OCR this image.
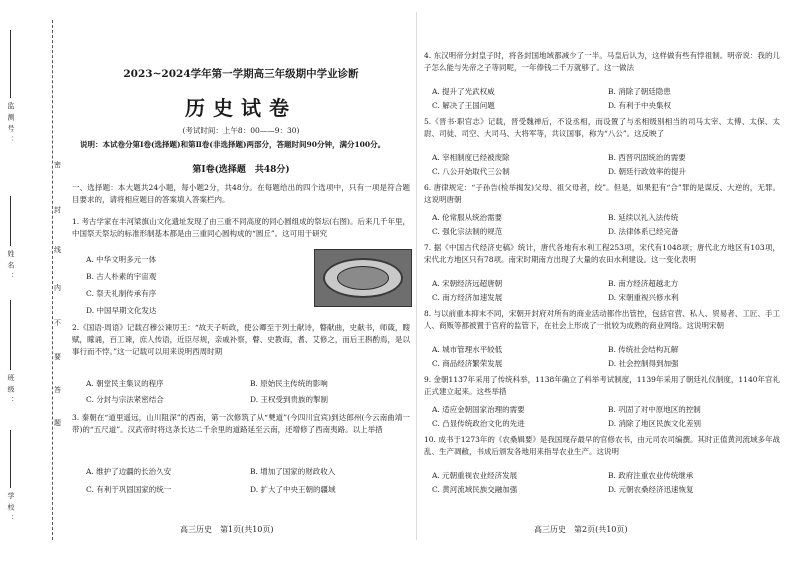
监 测 号 ：
姓 名 ：
班 级 ：
学 校 ：
密
封
线
内
不
要
答
题
2023~2024学年第一学期高三年级期中学业诊断
历史试卷
(考试时间：上午8：00——9：30)
说明：本试卷分第Ⅰ卷(选择题)和第Ⅱ卷(非选择题)两部分，答题时间90分钟，满分100分。
第Ⅰ卷(选择题　共48分)
一、选择题：本大题共24小题，每小题2分，共48分。在每题给出的四个选项中，只有一项是符合题目要求的，请将相应题目的答案填入答案栏内。
1. 考古学家在丰河梁旗山文化遗址发现了由三重不同高度的同心圆组成的祭坛(右图)。后来几千年里，中国祭天祭坛的标准形制基本都是由三重同心圆构成的“圆丘”。这可用于研究
A. 中华文明多元一体
B. 古人朴素的宇宙观
C. 祭天礼制传承有序
D. 中国早期文化发达
2.《国语·周语》记载召穆公谏厉王：“故天子听政，使公卿至于列士献诗，瞽献曲，史献书，师箴，瞍赋，矇诵，百工谏，庶人传语，近臣尽规，亲戚补察，瞽、史教诲，耆、艾修之，而后王斟酌焉，是以事行而不悖。”这一记载可以用来说明西周时期
A. 朝堂民主集议的程序	B. 原始民主传统的影响
C. 分封与宗法紧密结合	D. 王权受到贵族的掣制
3. 秦朝在“道里遥远，山川阻深”的西南，第一次修筑了从“僰道”(今四川宜宾)到达郎州(今云南曲靖一带)的“五尺道”。汉武帝时将这条长达二千余里的道路延至云南，还增修了西南夷路。以上举措
A. 维护了边疆的长治久安	B. 增加了国家的财政收入
C. 有利于巩固国家的统一	D. 扩大了中央王朝的疆域
高三历史　第1页(共10页)
4. 东汉明帝分封皇子时，将各封国地域都减少了一半。马皇后认为，这样做有些有悖祖制。明帝说：我的儿子怎么能与先帝之子等同呢，一年俸钱二千万就够了。这一做法
A. 提升了光武权威	B. 消除了朝廷隐患
C. 解决了王国问题	D. 有利于中央集权
5.《晋书·职官志》记载，晋受魏禅后，不设丞相，而设置了与丞相级别相当的司马太宰、太傅、太保、太尉、司徒、司空、大司马、大将军等，共议国事，称为“八公”。这反映了
A. 宰相制度已经被废除	B. 西晋巩固统治的需要
C. 八公开始取代三公制	D. 朝廷行政效率的提升
6. 唐律规定：“子孙告(检举揭发)父母、祖父母者，绞”。但是，如果犯有“合”罪的是谋反、大逆的，无罪。这说明唐朝
A. 伦常服从统治需要	B. 延续以礼入法传统
C. 强化宗法制的规范	D. 法律体系已经完备
7. 据《中国古代经济史稿》统计，唐代各地有水利工程253项，宋代有1048项；唐代北方地区有103项，宋代北方地区只有78项。南宋时期南方出现了大量的农田水利建设。这一变化表明
A. 宋朝经济远超唐朝	B. 南方经济超越北方
C. 南方经济加速发展	D. 宋朝重视兴修水利
8. 与以前重本抑末不同，宋朝开封府对所有的商业活动都作出管控，包括官营、私人、贸易者、工匠、手工人、商贩等都被置于官府的监管下，在社会上形成了一批较为成熟的商业网络。这说明宋朝
A. 城市管理水平较低	B. 传统社会结构瓦解
C. 商品经济繁荣发展	D. 社会控制得到加强
9. 金朝1137年采用了传统科举，1138年确立了科举考试制度，1139年采用了朝廷礼仪制度，1140年官礼正式建立起来。这些举措
A. 适应金朝国家治理的需要	B. 巩固了对中原地区的控制
C. 凸显传统政治文化的先进	D. 消除了地区民族文化差别
10. 成书于1273年的《农桑辑要》是我国现存最早的官修农书，由元司农司编撰。其时正值黄河流域多年战乱、生产凋敝，书成后颁发各地用来指导农业生产。这说明
A. 元朝重视农业经济发展	B. 政府注重农业传统继承
C. 黄河流域民族交融加强	D. 元朝农桑经济迅速恢复
高三历史　第2页(共10页)
